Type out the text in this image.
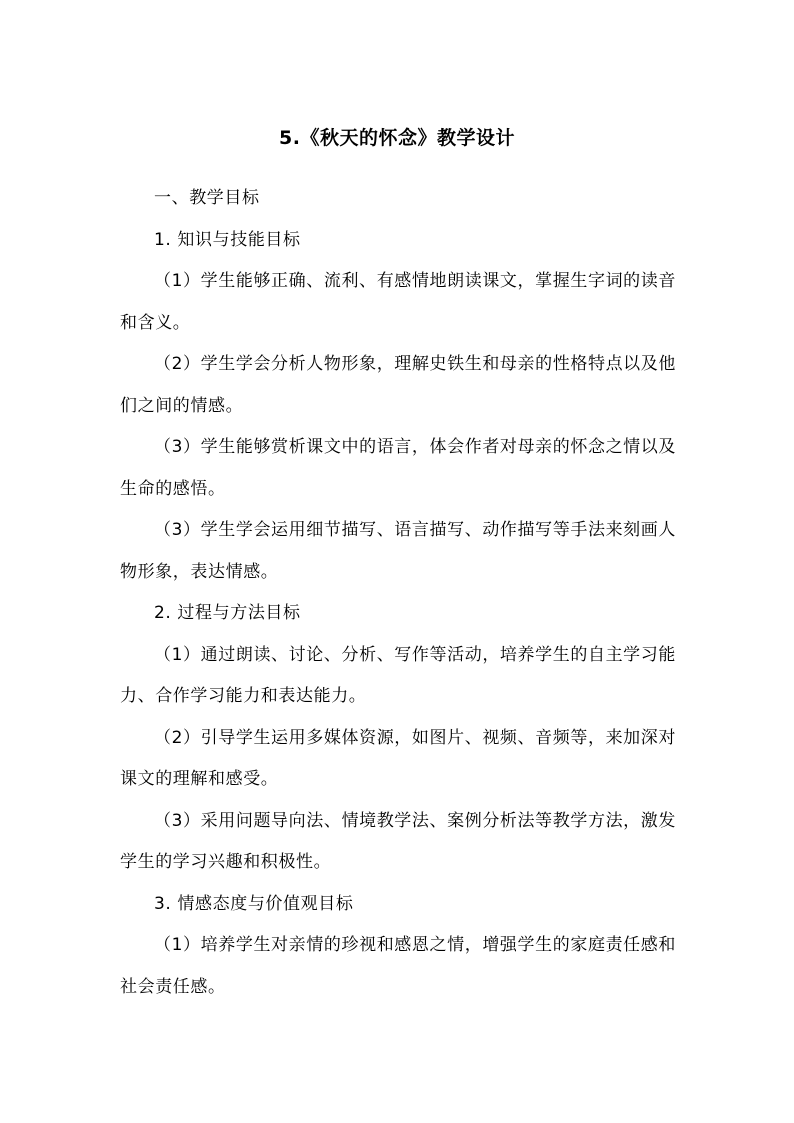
5.《秋天的怀念》教学设计

一、教学目标

1. 知识与技能目标

（1）学生能够正确、流利、有感情地朗读课文，掌握生字词的读音和含义。

（2）学生学会分析人物形象，理解史铁生和母亲的性格特点以及他们之间的情感。

（3）学生能够赏析课文中的语言，体会作者对母亲的怀念之情以及生命的感悟。

（3）学生学会运用细节描写、语言描写、动作描写等手法来刻画人物形象，表达情感。

2. 过程与方法目标

（1）通过朗读、讨论、分析、写作等活动，培养学生的自主学习能力、合作学习能力和表达能力。

（2）引导学生运用多媒体资源，如图片、视频、音频等，来加深对课文的理解和感受。

（3）采用问题导向法、情境教学法、案例分析法等教学方法，激发学生的学习兴趣和积极性。

3. 情感态度与价值观目标

（1）培养学生对亲情的珍视和感恩之情，增强学生的家庭责任感和社会责任感。
